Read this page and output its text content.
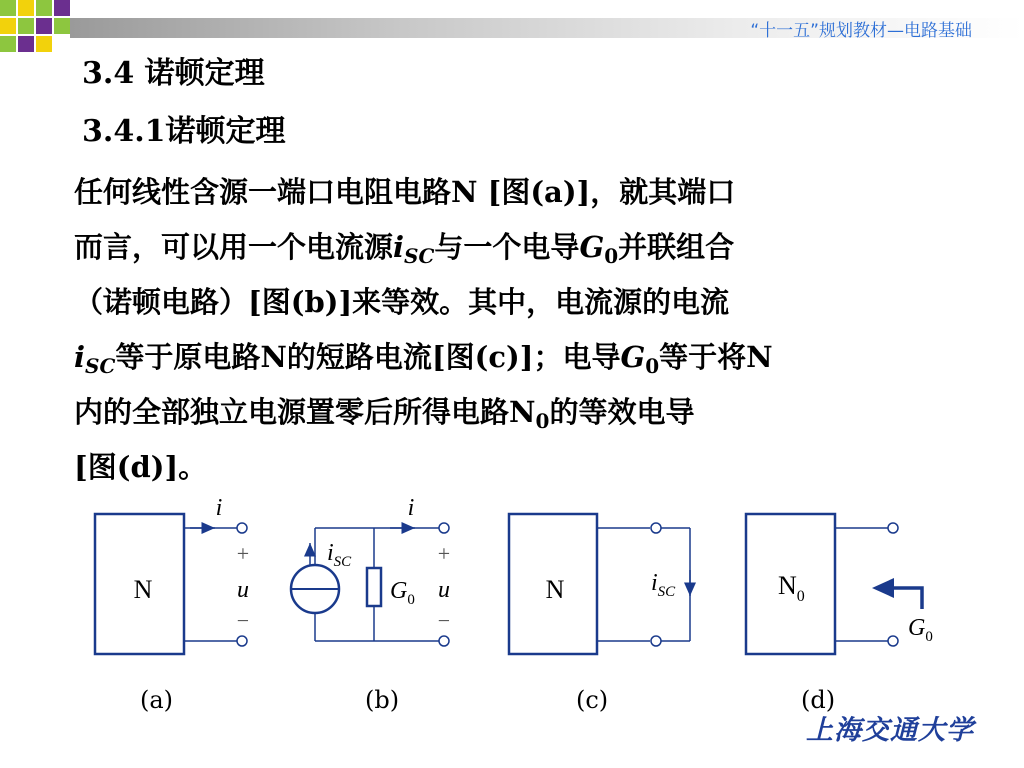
“十一五”规划教材—电路基础
3.4 诺顿定理
3.4.1诺顿定理
任何线性含源一端口电阻电路N [图(a)]，就其端口
而言，可以用一个电流源$i_{SC}$与一个电导$G_0$并联组合
（诺顿电路）[图(b)]来等效。其中，电流源的电流
$i_{SC}$等于原电路N的短路电流[图(c)]；电导$G_0$等于将N
内的全部独立电源置零后所得电路$N_0$的等效电导
[图(d)]。
N
i
+
u
−
$i_{SC}$
$G_0$
i
+
u
−
N	$i_{SC}$	$N_0$
$G_0$
(a)	(b)	(c)	(d)
上海交通大学
